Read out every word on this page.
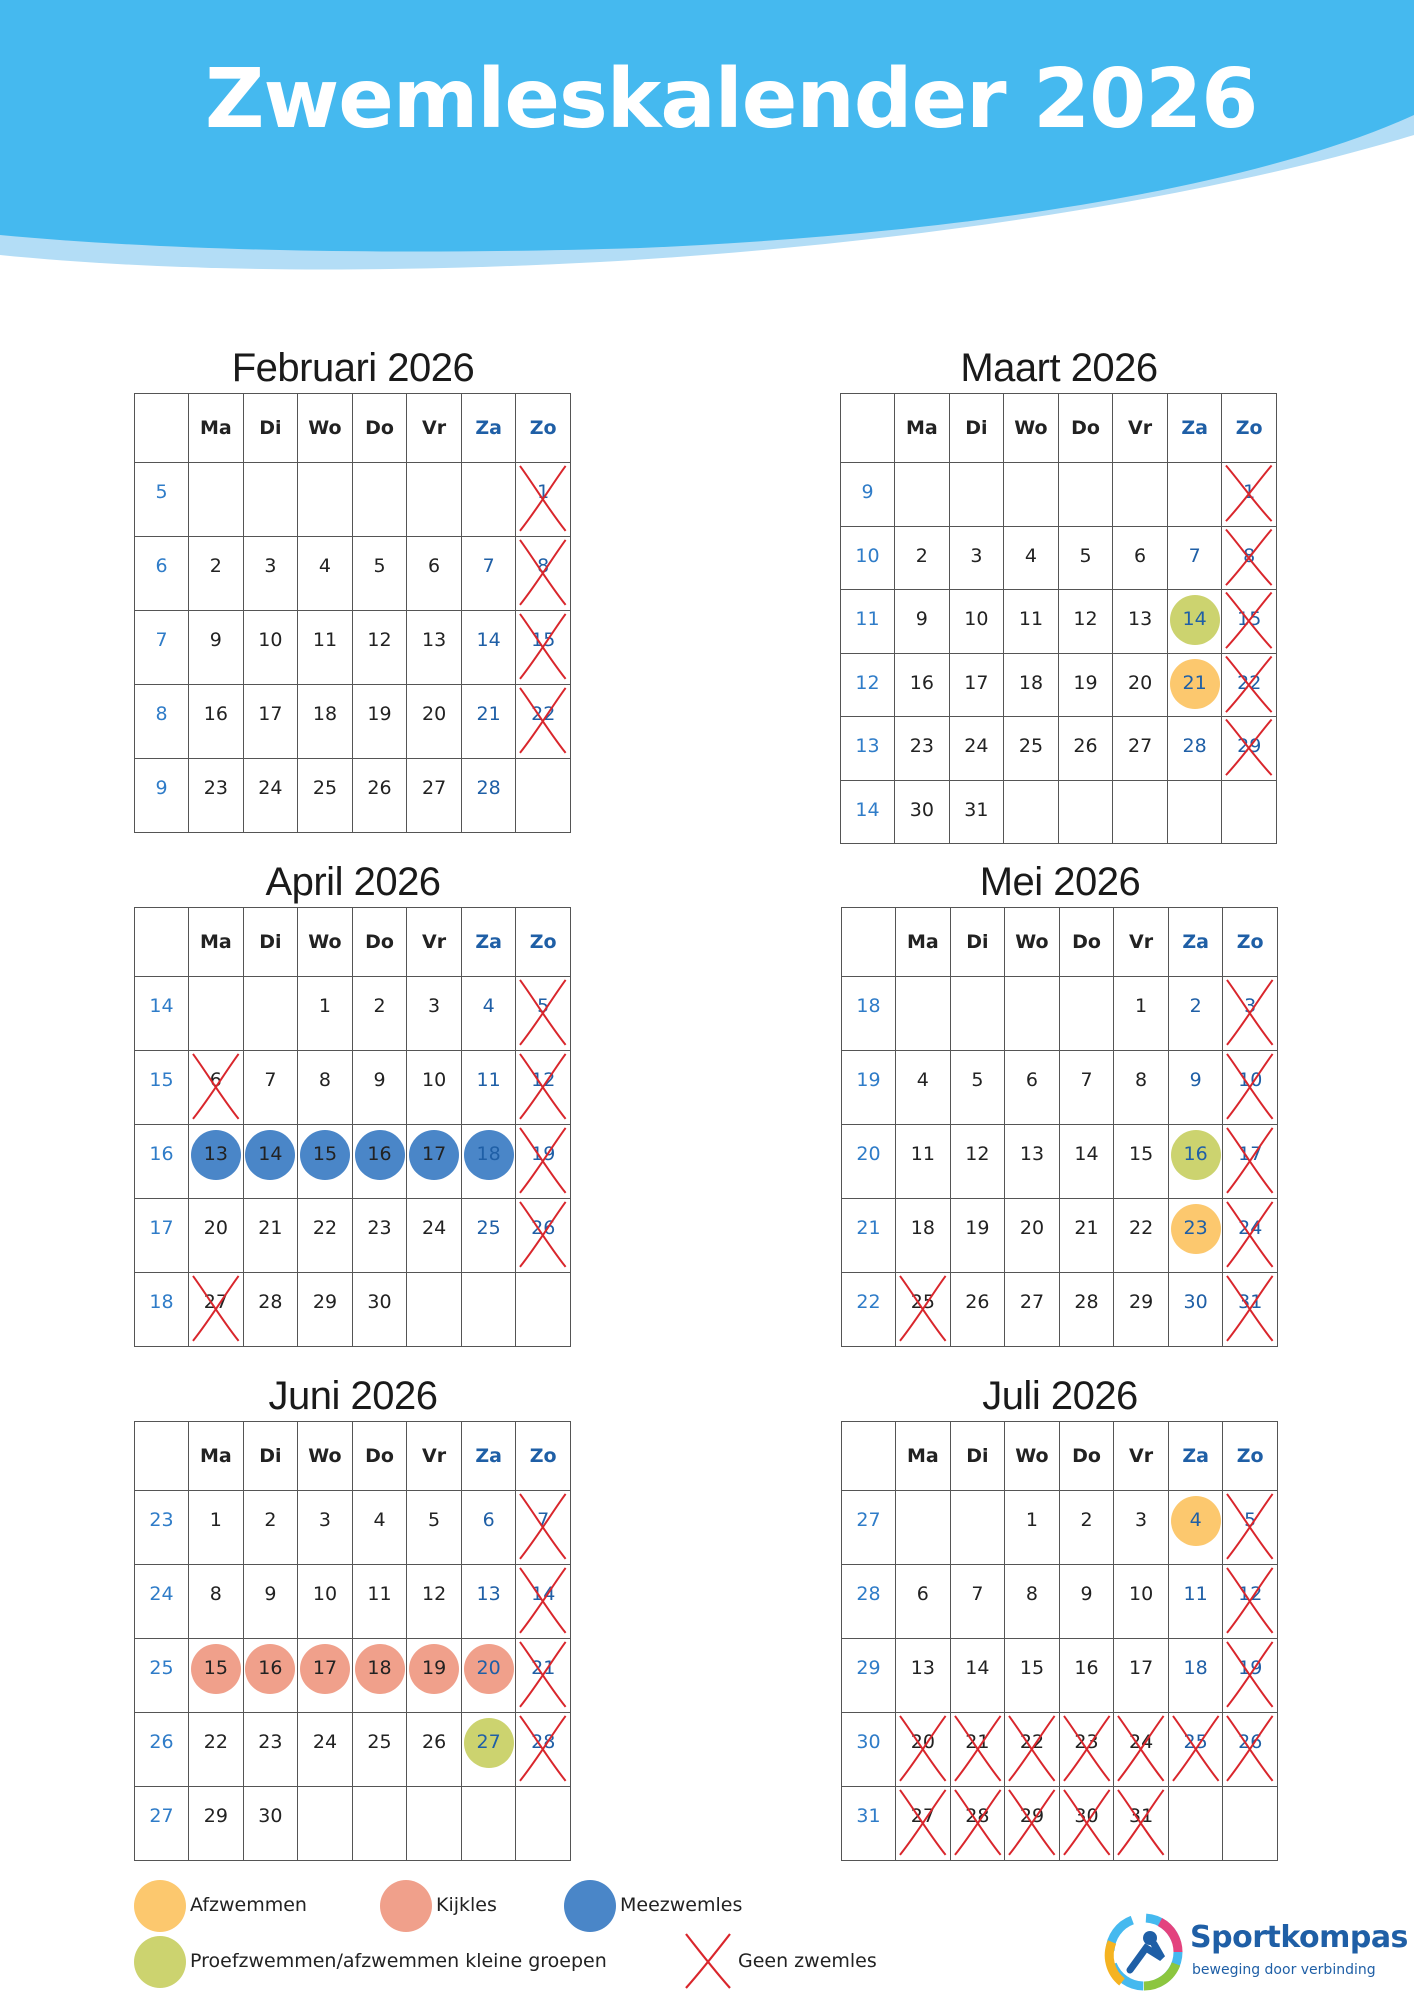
Zwemleskalender 2026
Februari 2026
	Ma	Di	Wo	Do	Vr	Za	Zo

5							1

6	2	3	4	5	6	7	8

7	9	10	11	12	13	14	15

8	16	17	18	19	20	21	22

9	23	24	25	26	27	28	

Maart 2026
	Ma	Di	Wo	Do	Vr	Za	Zo

9							1

10	2	3	4	5	6	7	8

11	9	10	11	12	13	14	15

12	16	17	18	19	20	21	22

13	23	24	25	26	27	28	29

14	30	31					

April 2026
	Ma	Di	Wo	Do	Vr	Za	Zo

14			1	2	3	4	5

15	6	7	8	9	10	11	12

16	13	14	15	16	17	18	19

17	20	21	22	23	24	25	26

18	27	28	29	30			

Mei 2026
	Ma	Di	Wo	Do	Vr	Za	Zo

18					1	2	3

19	4	5	6	7	8	9	10

20	11	12	13	14	15	16	17

21	18	19	20	21	22	23	24

22	25	26	27	28	29	30	31
Juni 2026
	Ma	Di	Wo	Do	Vr	Za	Zo

23	1	2	3	4	5	6	7

24	8	9	10	11	12	13	14

25	15	16	17	18	19	20	21

26	22	23	24	25	26	27	28

27	29	30					

Juli 2026
	Ma	Di	Wo	Do	Vr	Za	Zo

27			1	2	3	4	5

28	6	7	8	9	10	11	12

29	13	14	15	16	17	18	19

30	20	21	22	23	24	25	26

31	27	28	29	30	31		

Afzwemmen	Kijkles	Meezwemles
Proefzwemmen/afzwemmen kleine groepen	Geen zwemles
Sportkompas
beweging door verbinding
